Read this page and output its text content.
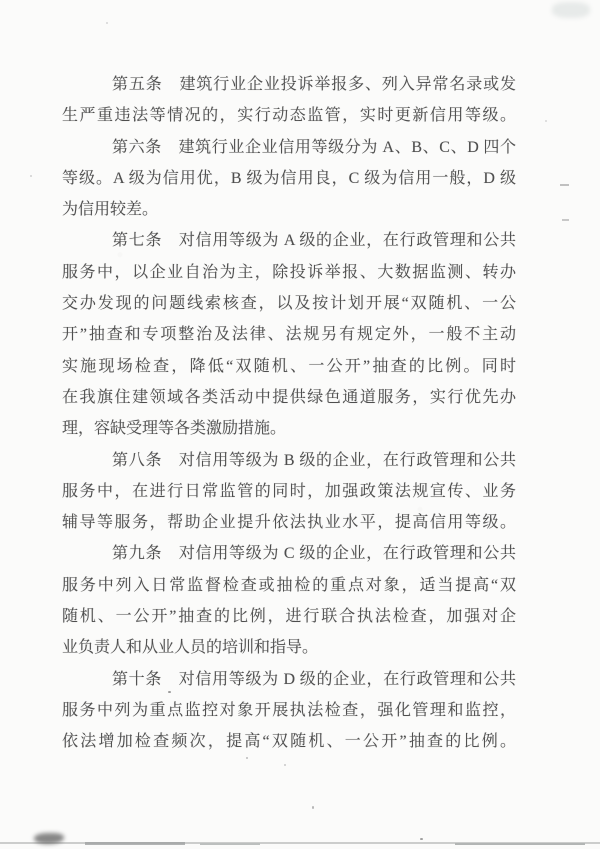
第五条　建筑行业企业投诉举报多、列入异常名录或发
生严重违法等情况的，实行动态监管，实时更新信用等级。
第六条　建筑行业企业信用等级分为 A、B、C、D 四个
等级。A 级为信用优，B 级为信用良，C 级为信用一般，D 级
为信用较差。
第七条　对信用等级为 A 级的企业，在行政管理和公共
服务中，以企业自治为主，除投诉举报、大数据监测、转办
交办发现的问题线索核查，以及按计划开展“双随机、一公
开”抽查和专项整治及法律、法规另有规定外，一般不主动
实施现场检查，降低“双随机、一公开”抽查的比例。同时
在我旗住建领域各类活动中提供绿色通道服务，实行优先办
理，容缺受理等各类激励措施。
第八条　对信用等级为 B 级的企业，在行政管理和公共
服务中，在进行日常监管的同时，加强政策法规宣传、业务
辅导等服务，帮助企业提升依法执业水平，提高信用等级。
第九条　对信用等级为 C 级的企业，在行政管理和公共
服务中列入日常监督检查或抽检的重点对象，适当提高“双
随机、一公开”抽查的比例，进行联合执法检查，加强对企
业负责人和从业人员的培训和指导。
第十条　对信用等级为 D 级的企业，在行政管理和公共
服务中列为重点监控对象开展执法检查，强化管理和监控，
依法增加检查频次，提高“双随机、一公开”抽查的比例。
